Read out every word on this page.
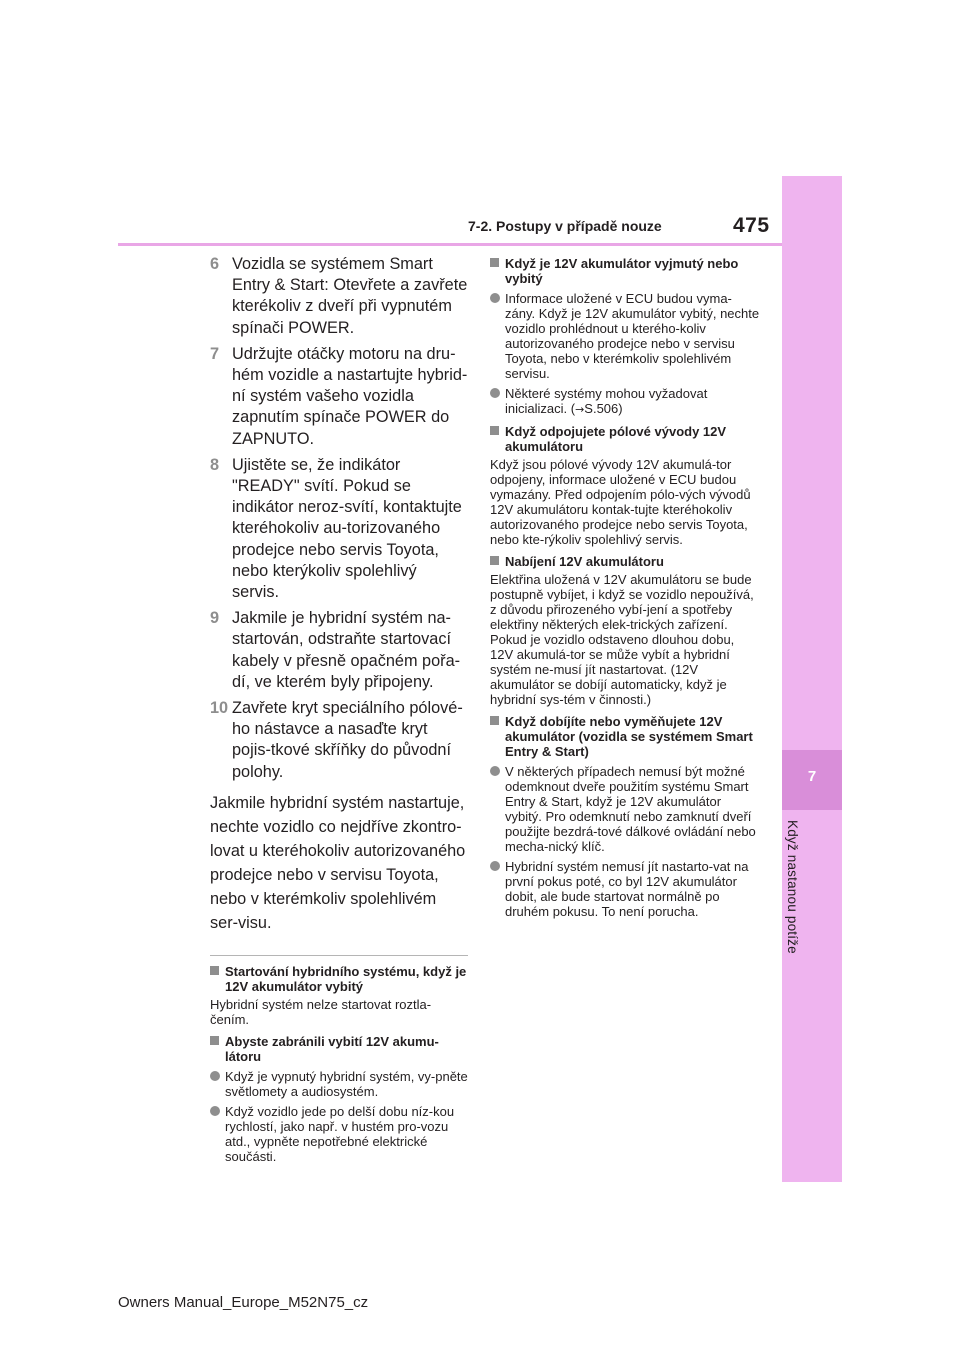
7-2. Postupy v případě nouze	475
7
Když nastanou potíže
6 Vozidla se systémem Smart Entry & Start: Otevřete a zavřete kterékoliv z dveří při vypnutém spínači POWER.
7 Udržujte otáčky motoru na dru-hém vozidle a nastartujte hybrid-ní systém vašeho vozidla zapnutím spínače POWER do ZAPNUTO.
8 Ujistěte se, že indikátor "READY" svítí. Pokud se indikátor neroz-svítí, kontaktujte kteréhokoliv au-torizovaného prodejce nebo servis Toyota, nebo kterýkoliv spolehlivý servis.
9 Jakmile je hybridní systém na-startován, odstraňte startovací kabely v přesně opačném pořa-dí, ve kterém byly připojeny.
10 Zavřete kryt speciálního pólové-ho nástavce a nasaďte kryt pojis-tkové skříňky do původní polohy.
Jakmile hybridní systém nastartuje, nechte vozidlo co nejdříve zkontro-lovat u kteréhokoliv autorizovaného prodejce nebo v servisu Toyota, nebo v kterémkoliv spolehlivém ser-visu.
Startování hybridního systému, když je 12V akumulátor vybitý
Hybridní systém nelze startovat roztla-čením.
Abyste zabránili vybití 12V akumu-látoru
Když je vypnutý hybridní systém, vy-pněte světlomety a audiosystém.
Když vozidlo jede po delší dobu níz-kou rychlostí, jako např. v hustém pro-vozu atd., vypněte nepotřebné elektrické součásti.
Když je 12V akumulátor vyjmutý nebo vybitý
Informace uložené v ECU budou vyma-zány. Když je 12V akumulátor vybitý, nechte vozidlo prohlédnout u kterého-koliv autorizovaného prodejce nebo v servisu Toyota, nebo v kterémkoliv spolehlivém servisu.
Některé systémy mohou vyžadovat inicializaci. (→S.506)
Když odpojujete pólové vývody 12V akumulátoru
Když jsou pólové vývody 12V akumulá-tor odpojeny, informace uložené v ECU budou vymazány. Před odpojením pólo-vých vývodů 12V akumulátoru kontak-tujte kteréhokoliv autorizovaného prodejce nebo servis Toyota, nebo kte-rýkoliv spolehlivý servis.
Nabíjení 12V akumulátoru
Elektřina uložená v 12V akumulátoru se bude postupně vybíjet, i když se vozidlo nepoužívá, z důvodu přirozeného vybí-jení a spotřeby elektřiny některých elek-trických zařízení. Pokud je vozidlo odstaveno dlouhou dobu, 12V akumulá-tor se může vybít a hybridní systém ne-musí jít nastartovat. (12V akumulátor se dobíjí automaticky, když je hybridní sys-tém v činnosti.)
Když dobíjíte nebo vyměňujete 12V akumulátor (vozidla se systémem Smart Entry & Start)
V některých případech nemusí být možné odemknout dveře použitím systému Smart Entry & Start, když je 12V akumulátor vybitý. Pro odemknutí nebo zamknutí dveří použijte bezdrá-tové dálkové ovládání nebo mecha-nický klíč.
Hybridní systém nemusí jít nastarto-vat na první pokus poté, co byl 12V akumulátor dobit, ale bude startovat normálně po druhém pokusu. To není porucha.
Owners Manual_Europe_M52N75_cz
